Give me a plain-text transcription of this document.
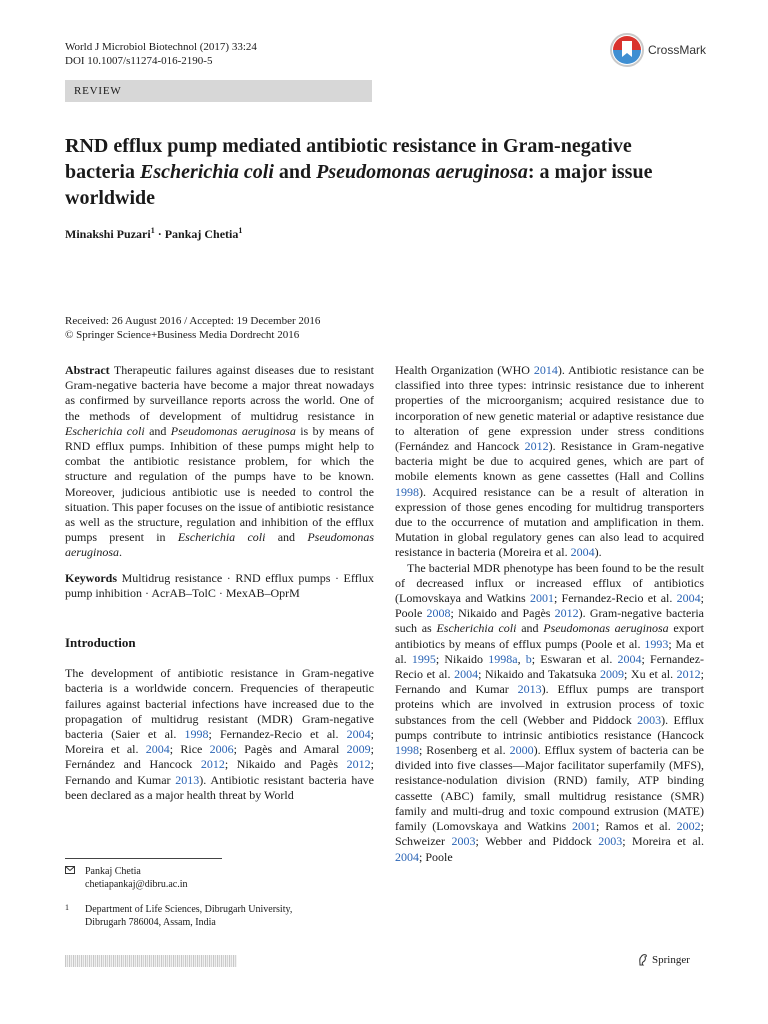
World J Microbiol Biotechnol (2017) 33:24
DOI 10.1007/s11274-016-2190-5
CrossMark
REVIEW
RND efflux pump mediated antibiotic resistance in Gram-negative bacteria Escherichia coli and Pseudomonas aeruginosa: a major issue worldwide
Minakshi Puzari$^1$ · Pankaj Chetia$^1$
Received: 26 August 2016 / Accepted: 19 December 2016
© Springer Science+Business Media Dordrecht 2016

Abstract Therapeutic failures against diseases due to resistant Gram-negative bacteria have become a major threat nowadays as confirmed by surveillance reports across the world. One of the methods of development of multidrug resistance in Escherichia coli and Pseudomonas aeruginosa is by means of RND efflux pumps. Inhibition of these pumps might help to combat the antibiotic resistance problem, for which the structure and regulation of the pumps have to be known. Moreover, judicious antibiotic use is needed to control the situation. This paper focuses on the issue of antibiotic resistance as well as the structure, regulation and inhibition of the efflux pumps present in Escherichia coli and Pseudomonas aeruginosa.

Keywords Multidrug resistance · RND efflux pumps · Efflux pump inhibition · AcrAB–TolC · MexAB–OprM

Introduction

The development of antibiotic resistance in Gram-negative bacteria is a worldwide concern. Frequencies of therapeutic failures against bacterial infections have increased due to the propagation of multidrug resistant (MDR) Gram-negative bacteria (Saier et al. 1998; Fernandez-Recio et al. 2004; Moreira et al. 2004; Rice 2006; Pagès and Amaral 2009; Fernández and Hancock 2012; Nikaido and Pagès 2012; Fernando and Kumar 2013). Antibiotic resistant bacteria have been declared as a major health threat by World

Health Organization (WHO 2014). Antibiotic resistance can be classified into three types: intrinsic resistance due to inherent properties of the microorganism; acquired resistance due to incorporation of new genetic material or adaptive resistance due to alteration of gene expression under stress conditions (Fernández and Hancock 2012). Resistance in Gram-negative bacteria might be due to acquired genes, which are part of mobile elements known as gene cassettes (Hall and Collins 1998). Acquired resistance can be a result of alteration in expression of those genes encoding for multidrug transporters due to the occurrence of mutation and amplification in them. Mutation in global regulatory genes can also lead to acquired resistance in bacteria (Moreira et al. 2004).

The bacterial MDR phenotype has been found to be the result of decreased influx or increased efflux of antibiotics (Lomovskaya and Watkins 2001; Fernandez-Recio et al. 2004; Poole 2008; Nikaido and Pagès 2012). Gram-negative bacteria such as Escherichia coli and Pseudomonas aeruginosa export antibiotics by means of efflux pumps (Poole et al. 1993; Ma et al. 1995; Nikaido 1998a, b; Eswaran et al. 2004; Fernandez-Recio et al. 2004; Nikaido and Takatsuka 2009; Xu et al. 2012; Fernando and Kumar 2013). Efflux pumps are transport proteins which are involved in extrusion process of toxic substances from the cell (Webber and Piddock 2003). Efflux pumps contribute to intrinsic antibiotics resistance (Hancock 1998; Rosenberg et al. 2000). Efflux system of bacteria can be divided into five classes—Major facilitator superfamily (MFS), resistance-nodulation division (RND) family, ATP binding cassette (ABC) family, small multidrug resistance (SMR) family and multi-drug and toxic compound extrusion (MATE) family (Lomovskaya and Watkins 2001; Ramos et al. 2002; Schweizer 2003; Webber and Piddock 2003; Moreira et al. 2004; Poole

Pankaj Chetia
chetiapankaj@dibru.ac.in
1 Department of Life Sciences, Dibrugarh University,
Dibrugarh 786004, Assam, India
Springer
